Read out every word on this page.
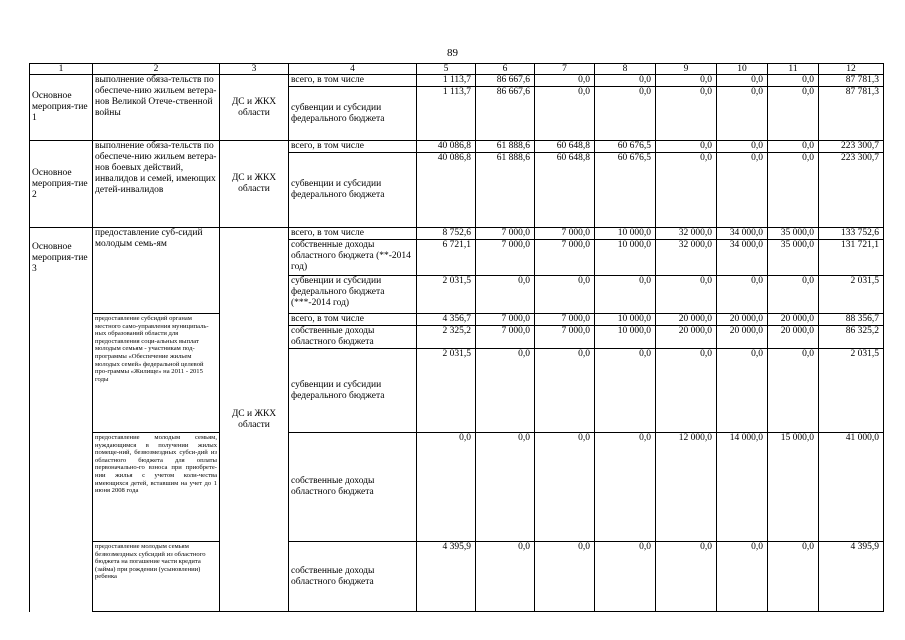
89
1	2	3	4	5	6	7	8	9	10	11	12
Основное мероприя-тие 1	выполнение обяза-тельств по обеспече-нию жильем ветера-нов Великой Отече-ственной войны	ДС и ЖКХ области	всего, в том числе	1 113,7	86 667,6	0,0	0,0	0,0	0,0	0,0	87 781,3
			субвенции и субсидии федерального бюджета	1 113,7	86 667,6	0,0	0,0	0,0	0,0	0,0	87 781,3
Основное мероприя-тие 2	выполнение обяза-тельств по обеспече-нию жильем ветера-нов боевых действий, инвалидов и семей, имеющих детей-инвалидов	ДС и ЖКХ области	всего, в том числе	40 086,8	61 888,6	60 648,8	60 676,5	0,0	0,0	0,0	223 300,7
			субвенции и субсидии федерального бюджета	40 086,8	61 888,6	60 648,8	60 676,5	0,0	0,0	0,0	223 300,7
Основное мероприя-тие 3	предоставление суб-сидий молодым семь-ям	ДС и ЖКХ области	всего, в том числе	8 752,6	7 000,0	7 000,0	10 000,0	32 000,0	34 000,0	35 000,0	133 752,6
			собственные доходы областного бюджета (**-2014 год)	6 721,1	7 000,0	7 000,0	10 000,0	32 000,0	34 000,0	35 000,0	131 721,1
			субвенции и субсидии федерального бюджета (***-2014 год)	2 031,5	0,0	0,0	0,0	0,0	0,0	0,0	2 031,5
	предоставление субсидий органам местного само-управления муниципаль-ных образований области для предоставления соци-альных выплат молодым семьям - участникам под-программы «Обеспечение жильем молодых семей» федеральной целевой про-граммы «Жилище» на 2011 - 2015 годы		всего, в том числе	4 356,7	7 000,0	7 000,0	10 000,0	20 000,0	20 000,0	20 000,0	88 356,7
			собственные доходы областного бюджета	2 325,2	7 000,0	7 000,0	10 000,0	20 000,0	20 000,0	20 000,0	86 325,2
			субвенции и субсидии федерального бюджета	2 031,5	0,0	0,0	0,0	0,0	0,0	0,0	2 031,5
	предоставление молодым семьям, нуждающимся в получении жилых помеще-ний, безвозмездных субси-дий из областного бюджета для оплаты первоначально-го взноса при приобрете-нии жилья с учетом коли-чества имеющихся детей, вставшим на учет до 1 июня 2008 года		собственные доходы областного бюджета	0,0	0,0	0,0	0,0	12 000,0	14 000,0	15 000,0	41 000,0
	предоставление молодым семьям безвозмездных субсидий из областного бюджета на погашение части кредита (займа) при рождении (усыновлении) ребенка		собственные доходы областного бюджета	4 395,9	0,0	0,0	0,0	0,0	0,0	0,0	4 395,9
